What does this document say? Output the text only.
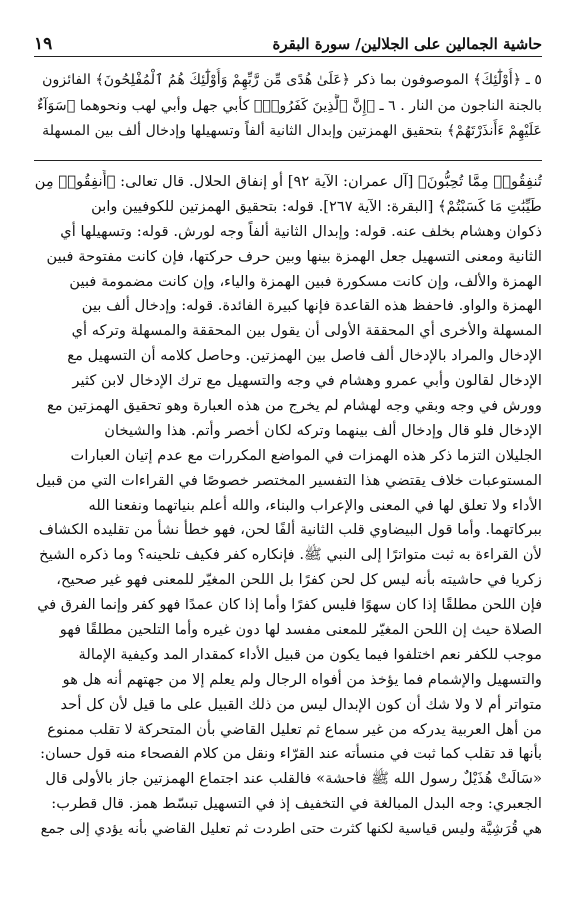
١٩	حاشية الجمالين على الجلالين/ سورة البقرة
٥ ـ ﴿أُوْلَٰٓئِكَ﴾ الموصوفون بما ذكر ﴿عَلَىٰ هُدًى مِّن رَّبِّهِمْ وَأُوْلَٰٓئِكَ هُمُ ٱلْمُفْلِحُونَ﴾ الفائزون
بالجنة الناجون من النار . ٦ ـ ﴿إِنَّ ٱلَّذِينَ كَفَرُوا۟﴾ كأبي جهل وأبي لهب ونحوهما ﴿سَوَآءٌ
عَلَيْهِمْ ءَأَنذَرْتَهُمْ﴾ بتحقيق الهمزتين وإبدال الثانية ألفاً وتسهيلها وإدخال ألف بين المسهلة
تُنفِقُوا۟ مِمَّا تُحِبُّونَ﴾ [آل عمران: الآية ٩٢] أو إنفاق الحلال. قال تعالى: ﴿أَنفِقُوا۟ مِن
طَيِّبَٰتِ مَا كَسَبْتُمْ﴾ [البقرة: الآية ٢٦٧]. قوله: بتحقيق الهمزتين للكوفيين وابن
ذكوان وهشام بخلف عنه. قوله: وإبدال الثانية ألفاً وجه لورش. قوله: وتسهيلها أي
الثانية ومعنى التسهيل جعل الهمزة بينها وبين حرف حركتها، فإن كانت مفتوحة فبين
الهمزة والألف، وإن كانت مسكورة فبين الهمزة والياء، وإن كانت مضمومة فبين
الهمزة والواو. فاحفظ هذه القاعدة فإنها كبيرة الفائدة. قوله: وإدخال ألف بين
المسهلة والأخرى أي المحققة الأولى أن يقول بين المحققة والمسهلة وتركه أي
الإدخال والمراد بالإدخال ألف فاصل بين الهمزتين. وحاصل كلامه أن التسهيل مع
الإدخال لقالون وأبي عمرو وهشام في وجه والتسهيل مع ترك الإدخال لابن كثير
وورش في وجه وبقي وجه لهشام لم يخرج من هذه العبارة وهو تحقيق الهمزتين مع
الإدخال فلو قال وإدخال ألف بينهما وتركه لكان أخصر وأتم. هذا والشيخان
الجليلان التزما ذكر هذه الهمزات في المواضع المكررات مع عدم إتيان العبارات
المستوعبات خلاف يقتضي هذا التفسير المختصر خصوصًا في القراءات التي من قبيل
الأداء ولا تعلق لها في المعنى والإعراب والبناء، والله أعلم بنياتهما ونفعنا الله
ببركاتهما. وأما قول البيضاوي قلب الثانية ألفًا لحن، فهو خطأ نشأ من تقليده الكشاف
لأن القراءة به ثبت متواترًا إلى النبي ﷺ. فإنكاره كفر فكيف تلحينه؟ وما ذكره الشيخ
زكريا في حاشيته بأنه ليس كل لحن كفرًا بل اللحن المغيّر للمعنى فهو غير صحيح،
فإن اللحن مطلقًا إذا كان سهوًا فليس كفرًا وأما إذا كان عمدًا فهو كفر وإنما الفرق في
الصلاة حيث إن اللحن المغيّر للمعنى مفسد لها دون غيره وأما التلحين مطلقًا فهو
موجب للكفر نعم اختلفوا فيما يكون من قبيل الأداء كمقدار المد وكيفية الإمالة
والتسهيل والإشمام فما يؤخذ من أفواه الرجال ولم يعلم إلا من جهتهم أنه هل هو
متواتر أم لا ولا شك أن كون الإبدال ليس من ذلك القبيل على ما قيل لأن كل أحد
من أهل العربية يدركه من غير سماع ثم تعليل القاضي بأن المتحركة لا تقلب ممنوع
بأنها قد تقلب كما ثبت في منسأته عند القرّاء ونقل من كلام الفصحاء منه قول حسان:
«سَالَتْ هُذَيْلٌ رسول الله ﷺ فاحشة» فالقلب عند اجتماع الهمزتين جاز بالأولى قال
الجعبري: وجه البدل المبالغة في التخفيف إذ في التسهيل تبسّط همز. قال قطرب:
هي قُرَشِيَّة وليس قياسية لكنها كثرت حتى اطردت ثم تعليل القاضي بأنه يؤدي إلى جمع
